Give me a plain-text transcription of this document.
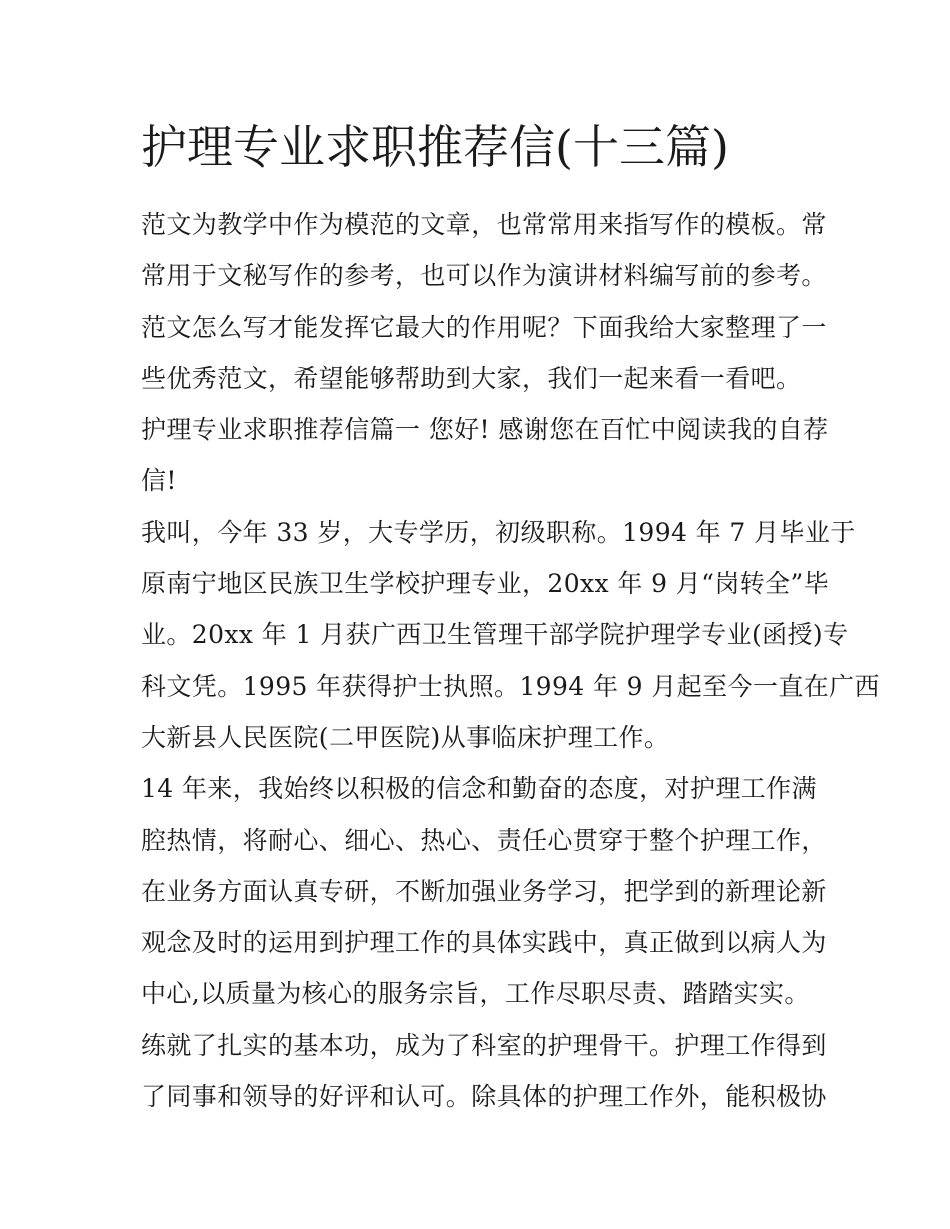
护理专业求职推荐信(十三篇)
范文为教学中作为模范的文章，也常常用来指写作的模板。常
常用于文秘写作的参考，也可以作为演讲材料编写前的参考。
范文怎么写才能发挥它最大的作用呢？下面我给大家整理了一
些优秀范文，希望能够帮助到大家，我们一起来看一看吧。
护理专业求职推荐信篇一 您好! 感谢您在百忙中阅读我的自荐
信!
我叫，今年 33 岁，大专学历，初级职称。1994 年 7 月毕业于
原南宁地区民族卫生学校护理专业，20xx 年 9 月“岗转全”毕
业。20xx 年 1 月获广西卫生管理干部学院护理学专业(函授)专
科文凭。1995 年获得护士执照。1994 年 9 月起至今一直在广西
大新县人民医院(二甲医院)从事临床护理工作。
14 年来，我始终以积极的信念和勤奋的态度，对护理工作满
腔热情，将耐心、细心、热心、责任心贯穿于整个护理工作，
在业务方面认真专研，不断加强业务学习，把学到的新理论新
观念及时的运用到护理工作的具体实践中，真正做到以病人为
中心,以质量为核心的服务宗旨，工作尽职尽责、踏踏实实。
练就了扎实的基本功，成为了科室的护理骨干。护理工作得到
了同事和领导的好评和认可。除具体的护理工作外，能积极协
